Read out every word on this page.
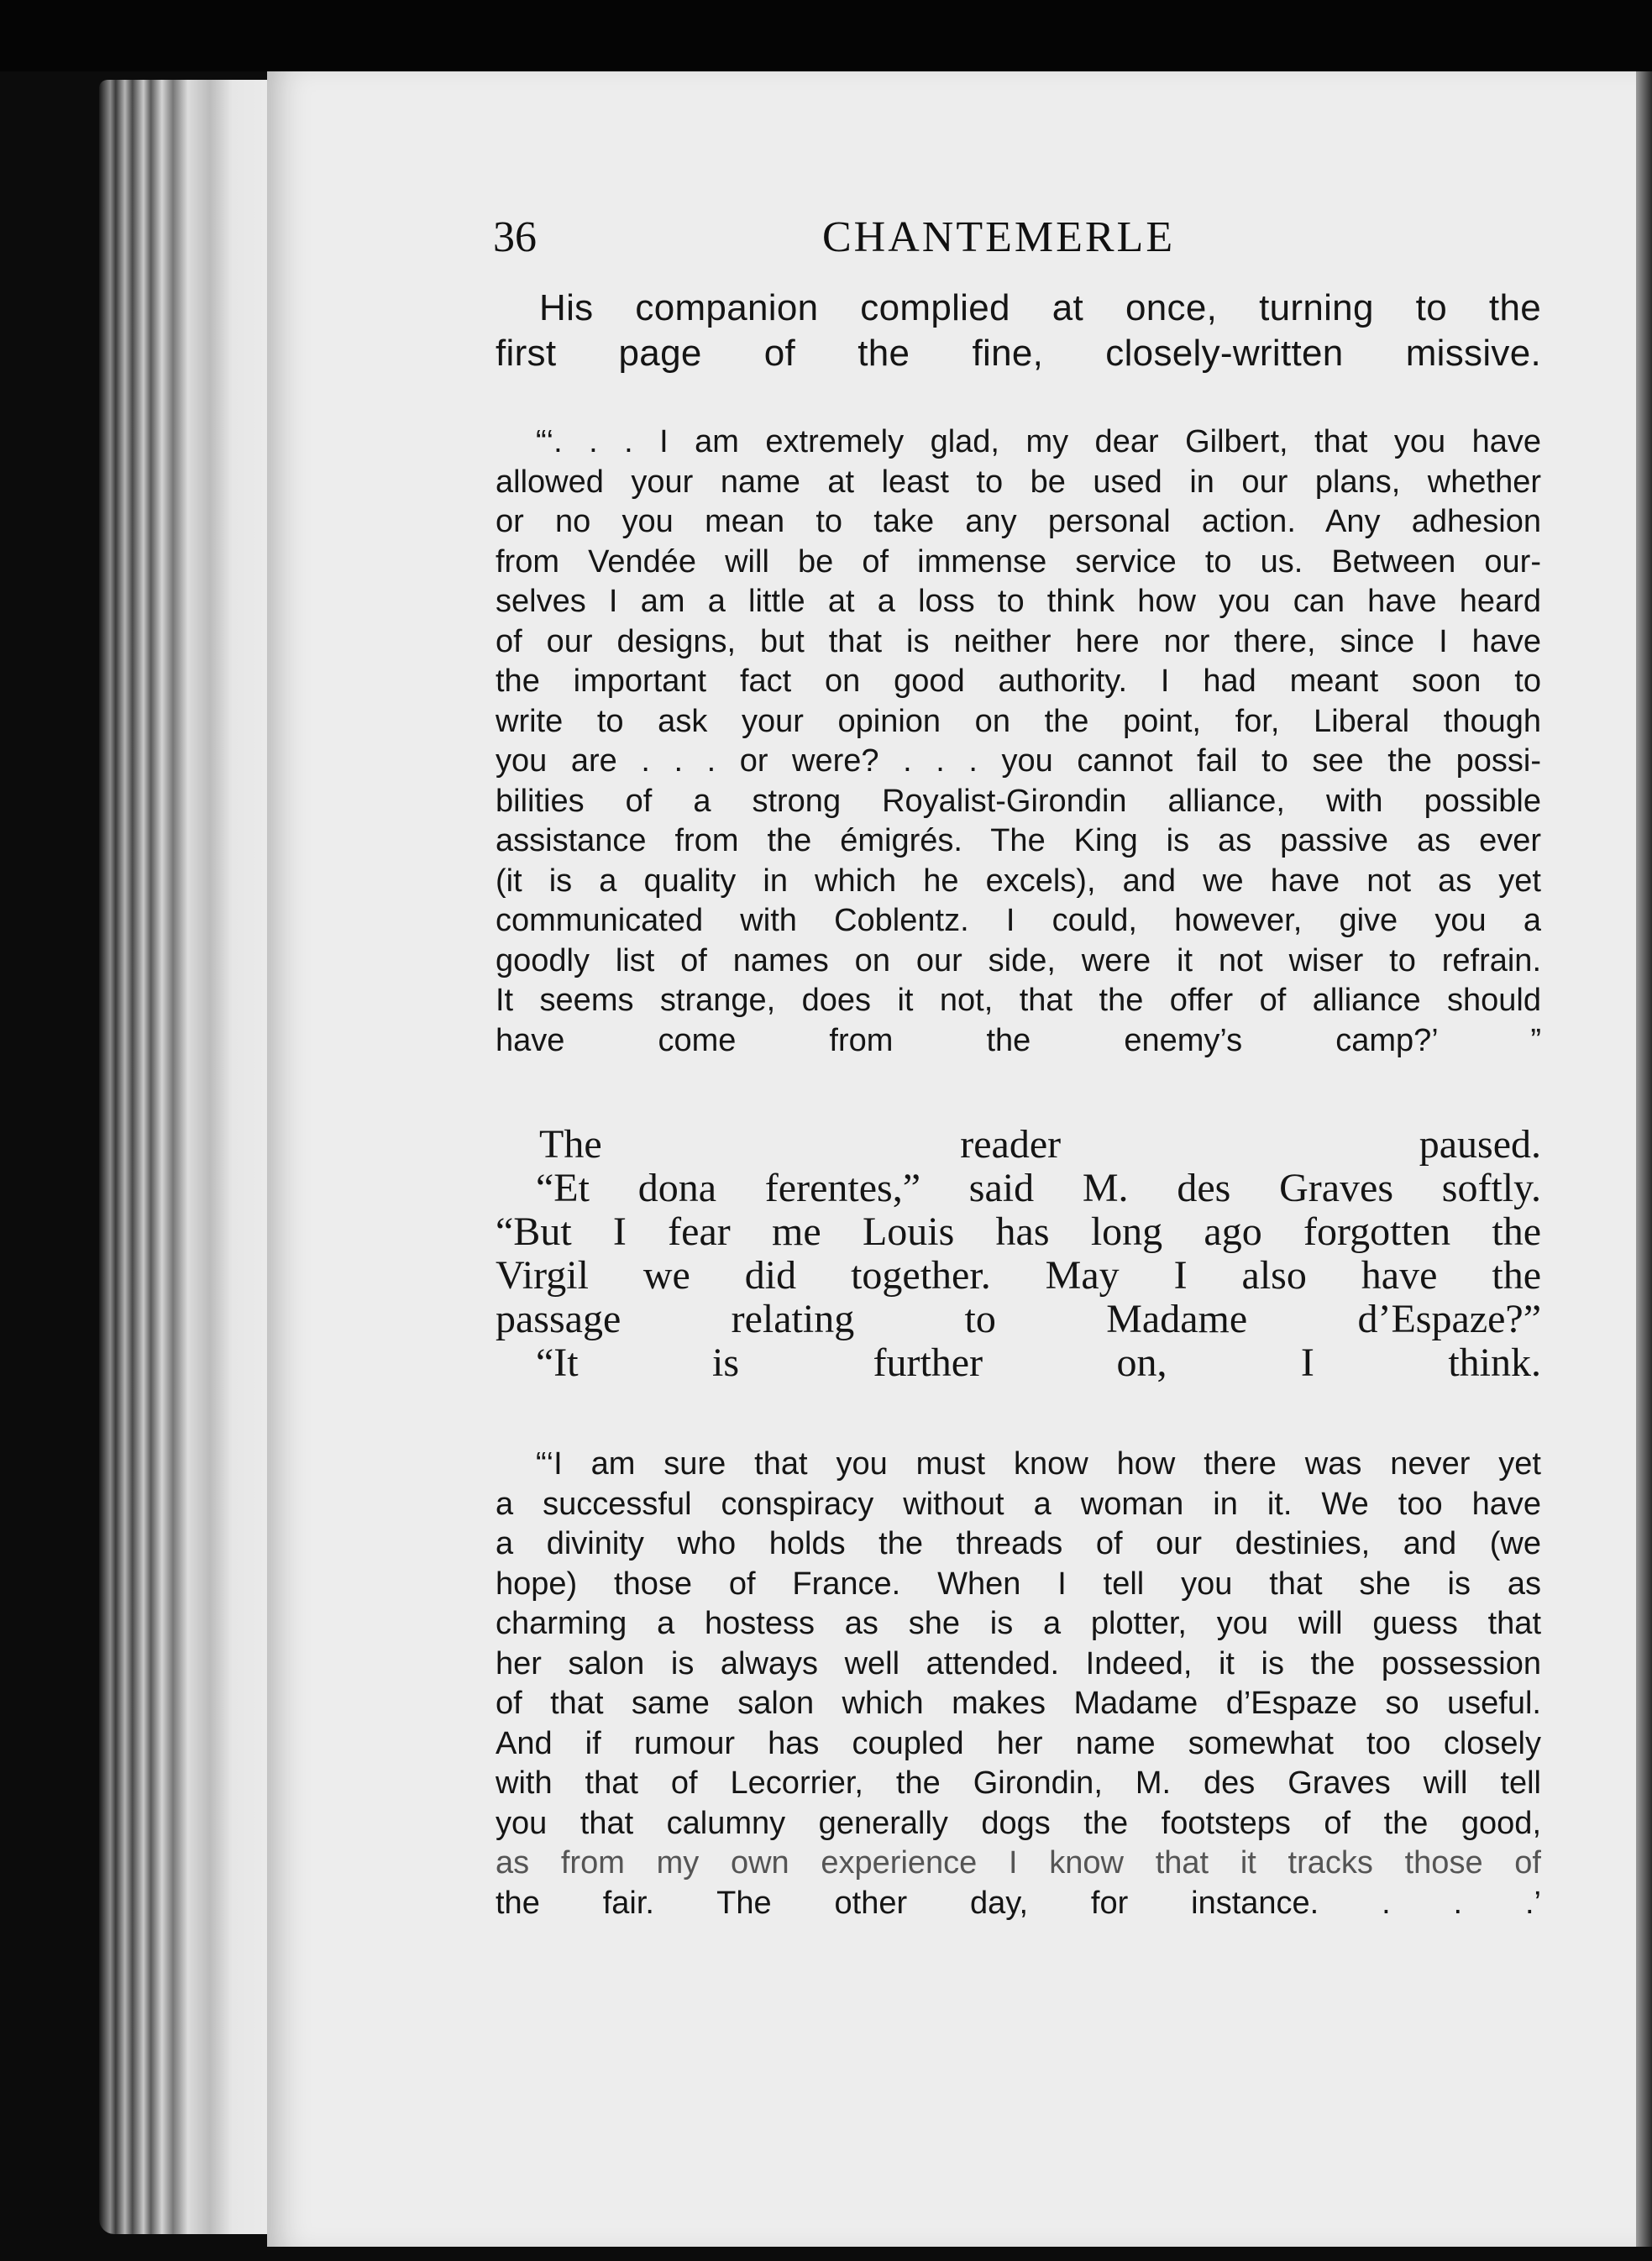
36	CHANTEMERLE

His companion complied at once, turning to the
first page of the fine, closely-written missive.

“‘. . . I am extremely glad, my dear Gilbert, that you have
allowed your name at least to be used in our plans, whether
or no you mean to take any personal action. Any adhesion
from Vendée will be of immense service to us. Between our-
selves I am a little at a loss to think how you can have heard
of our designs, but that is neither here nor there, since I have
the important fact on good authority. I had meant soon to
write to ask your opinion on the point, for, Liberal though
you are . . . or were? . . . you cannot fail to see the possi-
bilities of a strong Royalist-Girondin alliance, with possible
assistance from the émigrés. The King is as passive as ever
(it is a quality in which he excels), and we have not as yet
communicated with Coblentz. I could, however, give you a
goodly list of names on our side, were it not wiser to refrain.
It seems strange, does it not, that the offer of alliance should
have come from the enemy’s camp?’ ”
The reader paused.
“Et dona ferentes,” said M. des Graves softly.
“But I fear me Louis has long ago forgotten the
Virgil we did together. May I also have the
passage relating to Madame d’Espaze?”
“It is further on, I think.
“‘I am sure that you must know how there was never yet
a successful conspiracy without a woman in it. We too have
a divinity who holds the threads of our destinies, and (we
hope) those of France. When I tell you that she is as
charming a hostess as she is a plotter, you will guess that
her salon is always well attended. Indeed, it is the possession
of that same salon which makes Madame d’Espaze so useful.
And if rumour has coupled her name somewhat too closely
with that of Lecorrier, the Girondin, M. des Graves will tell
you that calumny generally dogs the footsteps of the good,
as from my own experience I know that it tracks those of
the fair. The other day, for instance. . . .’
